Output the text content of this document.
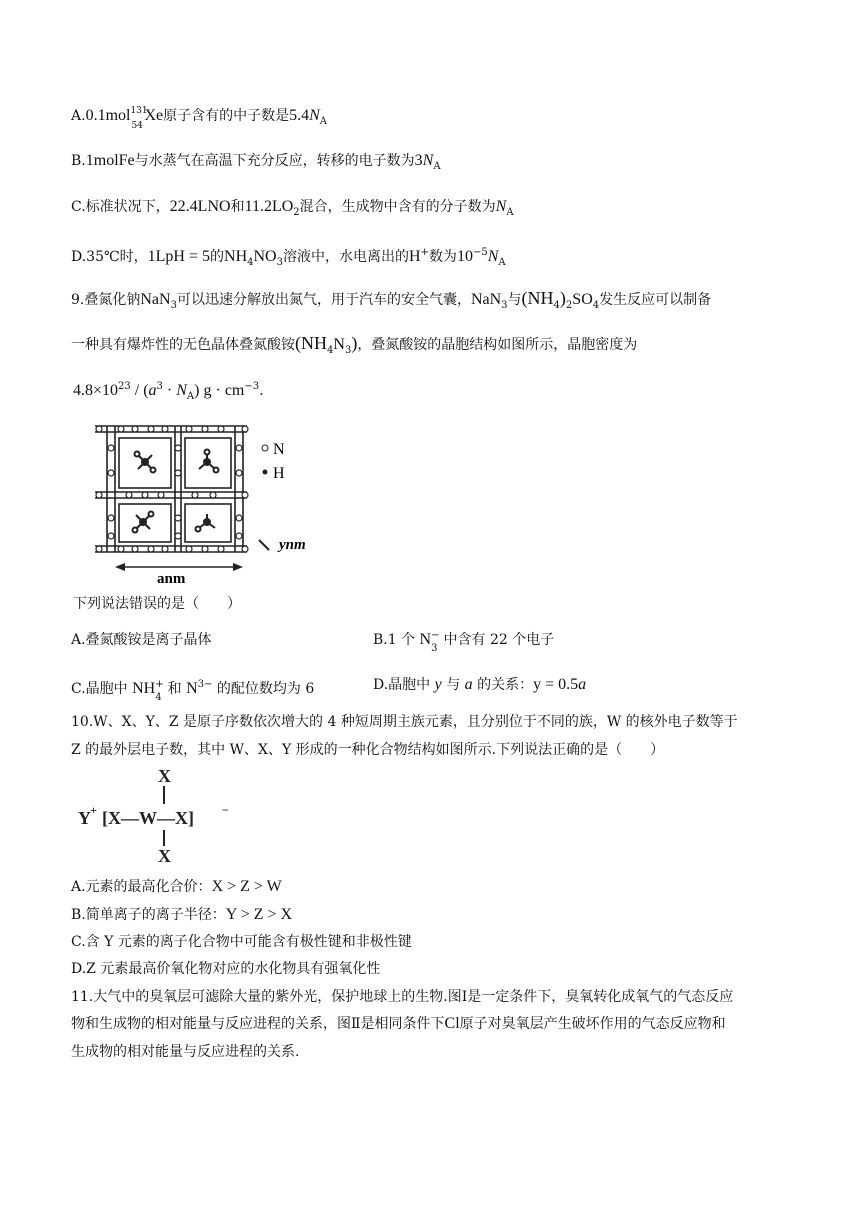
A.0.1mol 131
54
Xe原子含有的中子数是$5.4N_A$
B.1molFe与水蒸气在高温下充分反应，转移的电子数为$3N_A$
C.标准状况下，22.4LNO和$11.2LO_2$混合，生成物中含有的分子数为$N_A$
D.35℃时，1LpH = 5的$NH_4NO_3$溶液中，水电离出的H+数为$10^{-5}N_A$
9.叠氮化钠NaN$_3$可以迅速分解放出氮气，用于汽车的安全气囊，NaN$_3$与$(NH_4)_2SO_4$发生反应可以制备
一种具有爆炸性的无色晶体叠氮酸铵$(NH_4N_3)$，叠氮酸铵的晶胞结构如图所示，晶胞密度为
$4.8\times 10^{23} / (a^3 \cdot N_A) g \cdot cm^{-3}$.
N
H
ynm
anm
下列说法错误的是（　　）
A.叠氮酸铵是离子晶体	B.1 个 N −
3
中含有 22 个电子
C.晶胞中 NH +
4
和 $N^{3-}$ 的配位数均为 6	D.晶胞中 y 与 a 的关系：y = 0.5a
10.W、X、Y、Z 是原子序数依次增大的 4 种短周期主族元素，且分别位于不同的族，W 的核外电子数等于
Z 的最外层电子数，其中 W、X、Y 形成的一种化合物结构如图所示.下列说法正确的是（　　）
X
Y + [X—W—X] −
X
A.元素的最高化合价：X > Z > W
B.简单离子的离子半径：Y > Z > X
C.含 Y 元素的离子化合物中可能含有极性键和非极性键
D.Z 元素最高价氧化物对应的水化物具有强氧化性
11.大气中的臭氧层可滤除大量的紫外光，保护地球上的生物.图Ⅰ是一定条件下，臭氧转化成氧气的气态反应
物和生成物的相对能量与反应进程的关系，图Ⅱ是相同条件下Cl原子对臭氧层产生破坏作用的气态反应物和
生成物的相对能量与反应进程的关系.
